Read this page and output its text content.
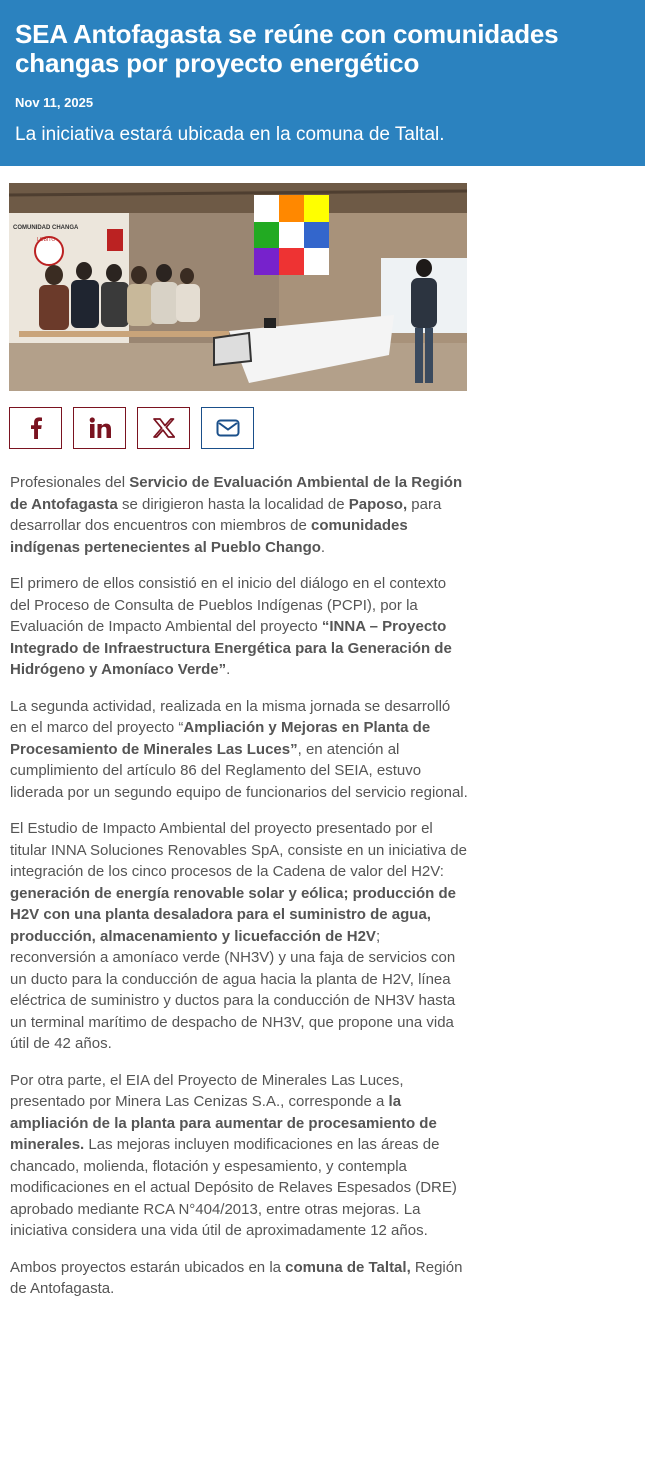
SEA Antofagasta se reúne con comunidades changas por proyecto energético
Nov 11, 2025
La iniciativa estará ubicada en la comuna de Taltal.
COMUNIDAD CHANGA
LOBITO

Profesionales del Servicio de Evaluación Ambiental de la Región de Antofagasta se dirigieron hasta la localidad de Paposo, para desarrollar dos encuentros con miembros de comunidades indígenas pertenecientes al Pueblo Chango.

El primero de ellos consistió en el inicio del diálogo en el contexto del Proceso de Consulta de Pueblos Indígenas (PCPI), por la Evaluación de Impacto Ambiental del proyecto “INNA – Proyecto Integrado de Infraestructura Energética para la Generación de Hidrógeno y Amoníaco Verde”.

La segunda actividad, realizada en la misma jornada se desarrolló en el marco del proyecto “Ampliación y Mejoras en Planta de Procesamiento de Minerales Las Luces”, en atención al cumplimiento del artículo 86 del Reglamento del SEIA, estuvo liderada por un segundo equipo de funcionarios del servicio regional.

El Estudio de Impacto Ambiental del proyecto presentado por el titular INNA Soluciones Renovables SpA, consiste en un iniciativa de integración de los cinco procesos de la Cadena de valor del H2V: generación de energía renovable solar y eólica; producción de H2V con una planta desaladora para el suministro de agua, producción, almacenamiento y licuefacción de H2V; reconversión a amoníaco verde (NH3V) y una faja de servicios con un ducto para la conducción de agua hacia la planta de H2V, línea eléctrica de suministro y ductos para la conducción de NH3V hasta un terminal marítimo de despacho de NH3V, que propone una vida útil de 42 años.

Por otra parte, el EIA del Proyecto de Minerales Las Luces, presentado por Minera Las Cenizas S.A., corresponde a la ampliación de la planta para aumentar de procesamiento de minerales. Las mejoras incluyen modificaciones en las áreas de chancado, molienda, flotación y espesamiento, y contempla modificaciones en el actual Depósito de Relaves Espesados (DRE) aprobado mediante RCA N°404/2013, entre otras mejoras. La iniciativa considera una vida útil de aproximadamente 12 años.

Ambos proyectos estarán ubicados en la comuna de Taltal, Región de Antofagasta.
